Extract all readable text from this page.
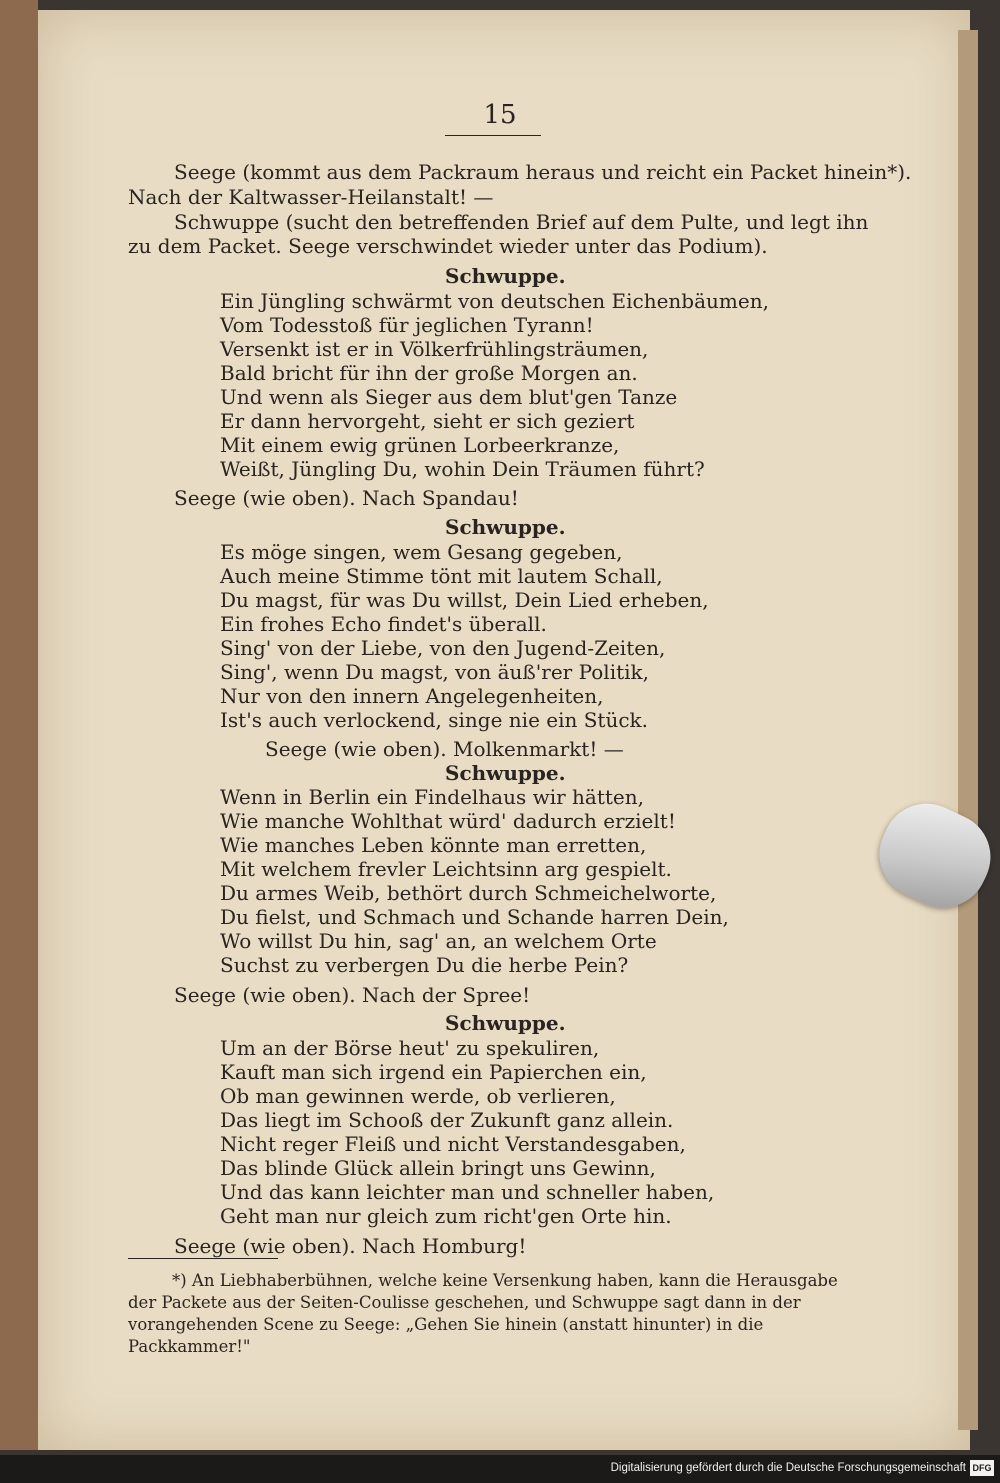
15
Seege (kommt aus dem Packraum heraus und reicht ein Packet hinein*).
Nach der Kaltwasser-Heilanstalt! —
Schwuppe (sucht den betreffenden Brief auf dem Pulte, und legt ihn
zu dem Packet. Seege verschwindet wieder unter das Podium).
Schwuppe.
Ein Jüngling schwärmt von deutschen Eichenbäumen,
Vom Todesstoß für jeglichen Tyrann!
Versenkt ist er in Völkerfrühlingsträumen,
Bald bricht für ihn der große Morgen an.
Und wenn als Sieger aus dem blut'gen Tanze
Er dann hervorgeht, sieht er sich geziert
Mit einem ewig grünen Lorbeerkranze,
Weißt, Jüngling Du, wohin Dein Träumen führt?
Seege (wie oben). Nach Spandau!
Schwuppe.
Es möge singen, wem Gesang gegeben,
Auch meine Stimme tönt mit lautem Schall,
Du magst, für was Du willst, Dein Lied erheben,
Ein frohes Echo findet's überall.
Sing' von der Liebe, von den Jugend-Zeiten,
Sing', wenn Du magst, von äuß'rer Politik,
Nur von den innern Angelegenheiten,
Ist's auch verlockend, singe nie ein Stück.
Seege (wie oben). Molkenmarkt! —
Schwuppe.
Wenn in Berlin ein Findelhaus wir hätten,
Wie manche Wohlthat würd' dadurch erzielt!
Wie manches Leben könnte man erretten,
Mit welchem frevler Leichtsinn arg gespielt.
Du armes Weib, bethört durch Schmeichelworte,
Du fielst, und Schmach und Schande harren Dein,
Wo willst Du hin, sag' an, an welchem Orte
Suchst zu verbergen Du die herbe Pein?
Seege (wie oben). Nach der Spree!
Schwuppe.
Um an der Börse heut' zu spekuliren,
Kauft man sich irgend ein Papierchen ein,
Ob man gewinnen werde, ob verlieren,
Das liegt im Schooß der Zukunft ganz allein.
Nicht reger Fleiß und nicht Verstandesgaben,
Das blinde Glück allein bringt uns Gewinn,
Und das kann leichter man und schneller haben,
Geht man nur gleich zum richt'gen Orte hin.
Seege (wie oben). Nach Homburg!
*) An Liebhaberbühnen, welche keine Versenkung haben, kann die Herausgabe
der Packete aus der Seiten-Coulisse geschehen, und Schwuppe sagt dann in der
vorangehenden Scene zu Seege: „Gehen Sie hinein (anstatt hinunter) in die
Packkammer!"
Digitalisierung gefördert durch die Deutsche Forschungsgemeinschaft DFG
